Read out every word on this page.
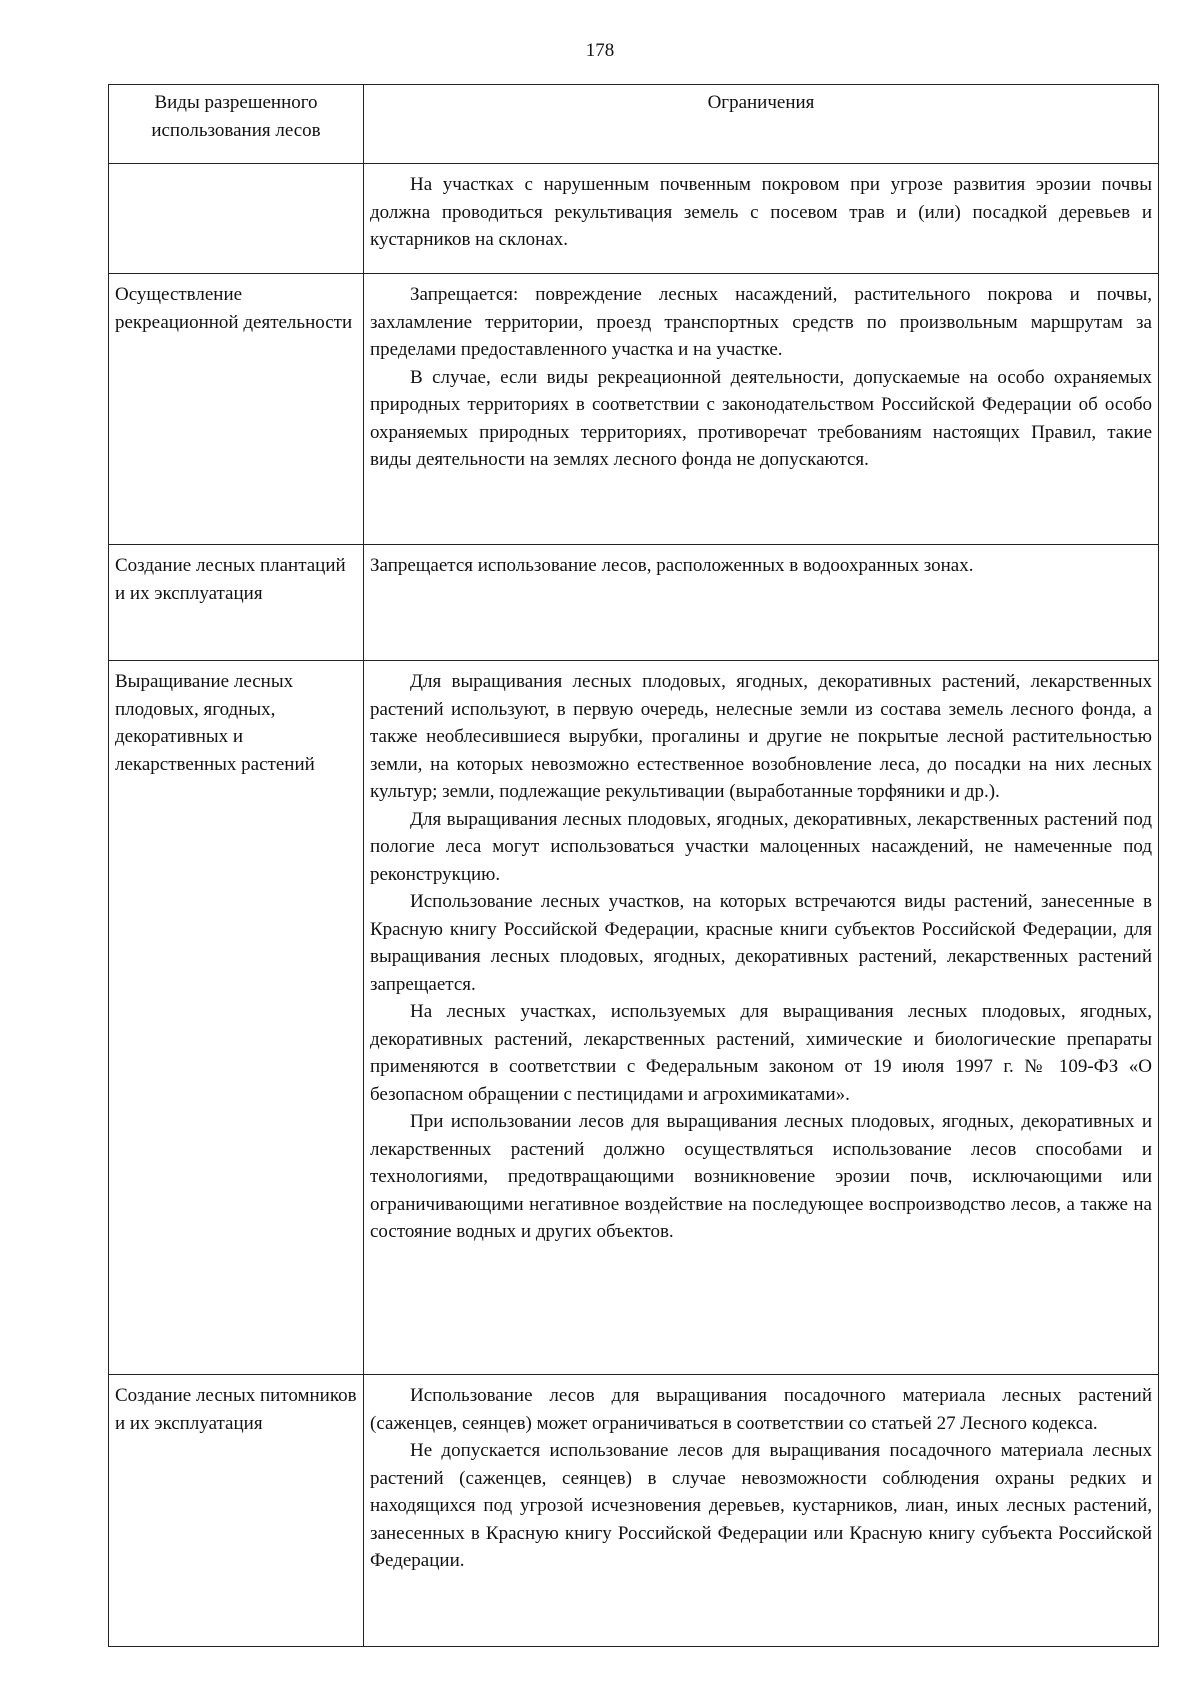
178
Виды разрешенного использования лесов	Ограничения

	На участках с нарушенным почвенным покровом при угрозе развития эрозии почвы должна проводиться рекультивация земель с посевом трав и (или) посадкой деревьев и кустарников на склонах.

Осуществление рекреационной деятельности	Запрещается: повреждение лесных насаждений, растительного покрова и почвы, захламление территории, проезд транспортных средств по произвольным маршрутам за пределами предоставленного участка и на участке.

В случае, если виды рекреационной деятельности, допускаемые на особо охраняемых природных территориях в соответствии с законодательством Российской Федерации об особо охраняемых природных территориях, противоречат требованиям настоящих Правил, такие виды деятельности на землях лесного фонда не допускаются.

Создание лесных плантаций и их эксплуатация	Запрещается использование лесов, расположенных в водоохранных зонах.

Выращивание лесных плодовых, ягодных, декоративных и лекарственных растений	Для выращивания лесных плодовых, ягодных, декоративных растений, лекарственных растений используют, в первую очередь, нелесные земли из состава земель лесного фонда, а также необлесившиеся вырубки, прогалины и другие не покрытые лесной растительностью земли, на которых невозможно естественное возобновление леса, до посадки на них лесных культур; земли, подлежащие рекультивации (выработанные торфяники и др.).

Для выращивания лесных плодовых, ягодных, декоративных, лекарственных растений под пологие леса могут использоваться участки малоценных насаждений, не намеченные под реконструкцию.

Использование лесных участков, на которых встречаются виды растений, занесенные в Красную книгу Российской Федерации, красные книги субъектов Российской Федерации, для выращивания лесных плодовых, ягодных, декоративных растений, лекарственных растений запрещается.

На лесных участках, используемых для выращивания лесных плодовых, ягодных, декоративных растений, лекарственных растений, химические и биологические препараты применяются в соответствии с Федеральным законом от 19 июля 1997 г. № 109-ФЗ «О безопасном обращении с пестицидами и агрохимикатами».

При использовании лесов для выращивания лесных плодовых, ягодных, декоративных и лекарственных растений должно осуществляться использование лесов способами и технологиями, предотвращающими возникновение эрозии почв, исключающими или ограничивающими негативное воздействие на последующее воспроизводство лесов, а также на состояние водных и других объектов.

Создание лесных питомников и их эксплуатация	Использование лесов для выращивания посадочного материала лесных растений (саженцев, сеянцев) может ограничиваться в соответствии со статьей 27 Лесного кодекса.

Не допускается использование лесов для выращивания посадочного материала лесных растений (саженцев, сеянцев) в случае невозможности соблюдения охраны редких и находящихся под угрозой исчезновения деревьев, кустарников, лиан, иных лесных растений, занесенных в Красную книгу Российской Федерации или Красную книгу субъекта Российской Федерации.
